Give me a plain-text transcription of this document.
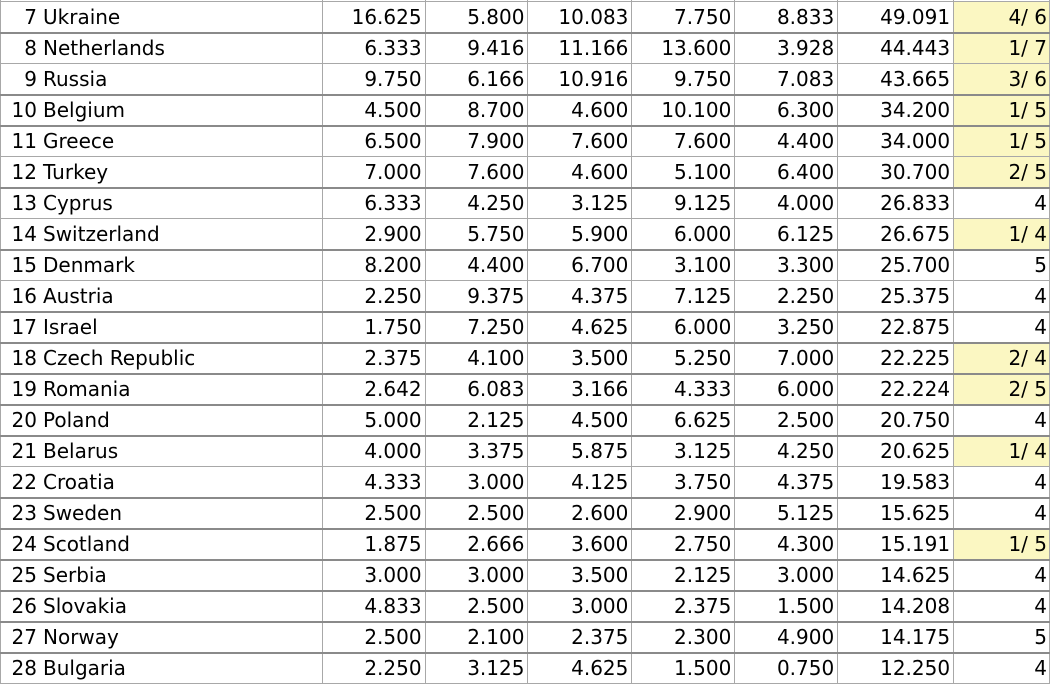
7 Ukraine	16.625	5.800	10.083	7.750	8.833	49.091	4/ 6
8 Netherlands	6.333	9.416	11.166	13.600	3.928	44.443	1/ 7
9 Russia	9.750	6.166	10.916	9.750	7.083	43.665	3/ 6
10 Belgium	4.500	8.700	4.600	10.100	6.300	34.200	1/ 5
11 Greece	6.500	7.900	7.600	7.600	4.400	34.000	1/ 5
12 Turkey	7.000	7.600	4.600	5.100	6.400	30.700	2/ 5
13 Cyprus	6.333	4.250	3.125	9.125	4.000	26.833	4
14 Switzerland	2.900	5.750	5.900	6.000	6.125	26.675	1/ 4
15 Denmark	8.200	4.400	6.700	3.100	3.300	25.700	5
16 Austria	2.250	9.375	4.375	7.125	2.250	25.375	4
17 Israel	1.750	7.250	4.625	6.000	3.250	22.875	4
18 Czech Republic	2.375	4.100	3.500	5.250	7.000	22.225	2/ 4
19 Romania	2.642	6.083	3.166	4.333	6.000	22.224	2/ 5
20 Poland	5.000	2.125	4.500	6.625	2.500	20.750	4
21 Belarus	4.000	3.375	5.875	3.125	4.250	20.625	1/ 4
22 Croatia	4.333	3.000	4.125	3.750	4.375	19.583	4
23 Sweden	2.500	2.500	2.600	2.900	5.125	15.625	4
24 Scotland	1.875	2.666	3.600	2.750	4.300	15.191	1/ 5
25 Serbia	3.000	3.000	3.500	2.125	3.000	14.625	4
26 Slovakia	4.833	2.500	3.000	2.375	1.500	14.208	4
27 Norway	2.500	2.100	2.375	2.300	4.900	14.175	5
28 Bulgaria	2.250	3.125	4.625	1.500	0.750	12.250	4
